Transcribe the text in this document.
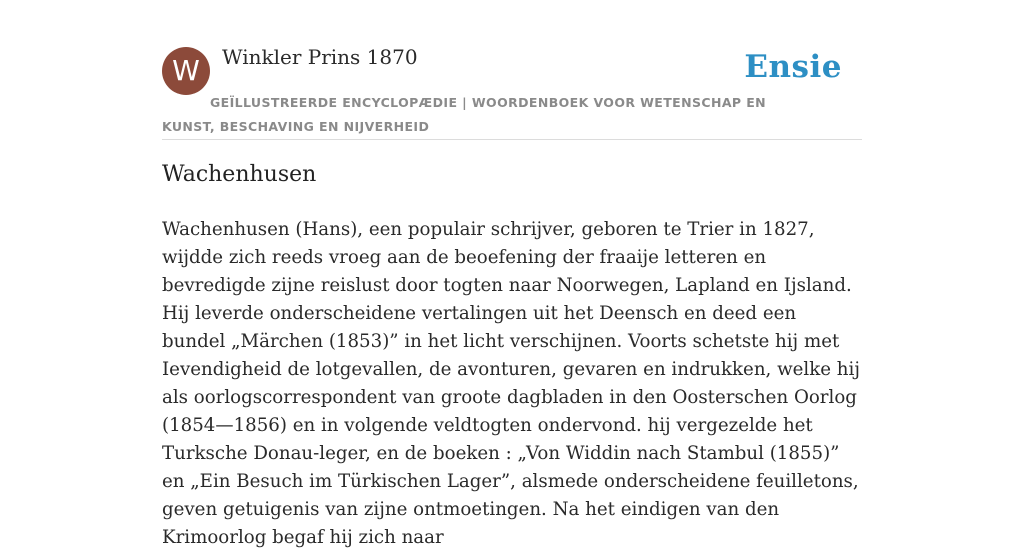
W	Winkler Prins 1870	Ensie
GEÏLLUSTREERDE ENCYCLOPÆDIE | WOORDENBOEK VOOR WETENSCHAP EN KUNST, BESCHAVING EN NIJVERHEID
Wachenhusen

Wachenhusen (Hans), een populair schrijver, geboren te Trier in 1827, wijdde zich reeds vroeg aan de beoefening der fraaije letteren en bevredigde zijne reislust door togten naar Noorwegen, Lapland en Ijsland. Hij leverde onderscheidene vertalingen uit het Deensch en deed een bundel „Märchen (1853)” in het licht verschijnen. Voorts schetste hij met Ievendigheid de lotgevallen, de avonturen, gevaren en indrukken, welke hij als oorlogscorrespondent van groote dagbladen in den Oosterschen Oorlog (1854—1856) en in volgende veldtogten ondervond. hij vergezelde het Turksche Donau-leger, en de boeken : „Von Widdin nach Stambul (1855)” en „Ein Besuch im Türkischen Lager”, alsmede onderscheidene feuilletons, geven getuigenis van zijne ontmoetingen. Na het eindigen van den Krimoorlog begaf hij zich naar
